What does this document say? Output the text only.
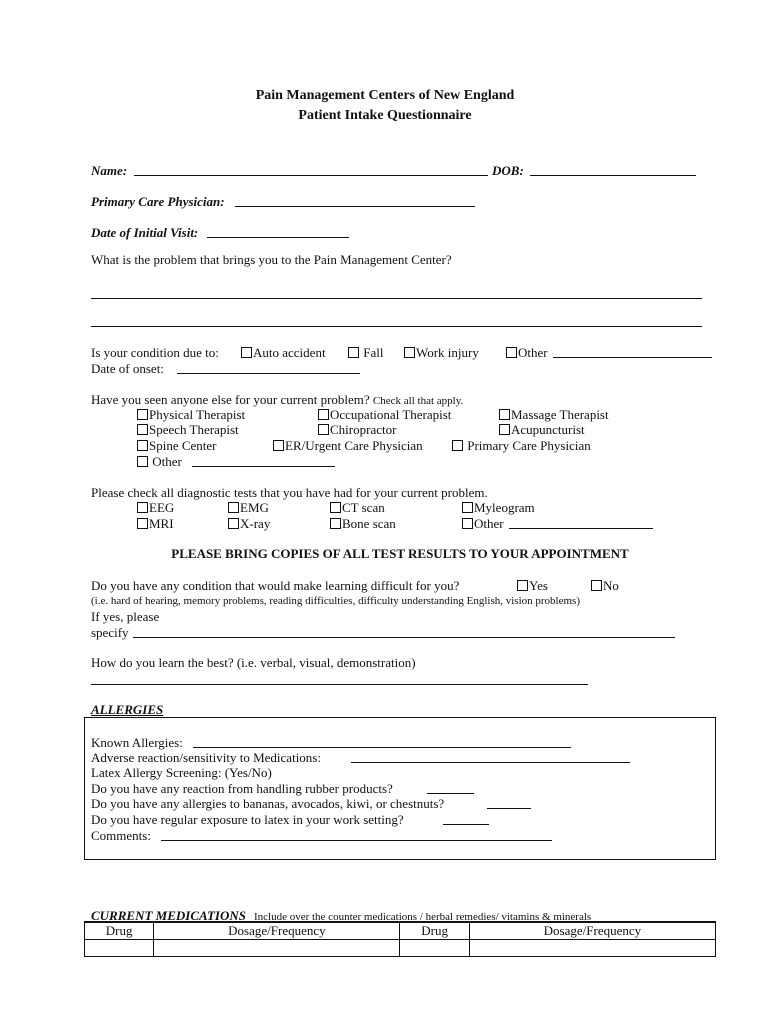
Pain Management Centers of New England
Patient Intake Questionnaire
Name:	DOB:
Primary Care Physician:
Date of Initial Visit:
What is the problem that brings you to the Pain Management Center?
Is your condition due to:	Auto accident	Fall	Work injury	Other
Date of onset:
Have you seen anyone else for your current problem? Check all that apply.
Physical Therapist	Occupational Therapist	Massage Therapist
Speech Therapist	Chiropractor	Acupuncturist
Spine Center	ER/Urgent Care Physician	Primary Care Physician
Other
Please check all diagnostic tests that you have had for your current problem.
EEG	EMG	CT scan	Myleogram
MRI	X-ray	Bone scan	Other
PLEASE BRING COPIES OF ALL TEST RESULTS TO YOUR APPOINTMENT
Do you have any condition that would make learning difficult for you?	Yes	No
(i.e. hard of hearing, memory problems, reading difficulties, difficulty understanding English, vision problems)
If yes, please
specify
How do you learn the best? (i.e. verbal, visual, demonstration)
ALLERGIES
Known Allergies:
Adverse reaction/sensitivity to Medications:
Latex Allergy Screening: (Yes/No)
Do you have any reaction from handling rubber products?
Do you have any allergies to bananas, avocados, kiwi, or chestnuts?
Do you have regular exposure to latex in your work setting?
Comments:
CURRENT MEDICATIONS Include over the counter medications / herbal remedies/ vitamins & minerals
Drug	Dosage/Frequency	Drug	Dosage/Frequency
